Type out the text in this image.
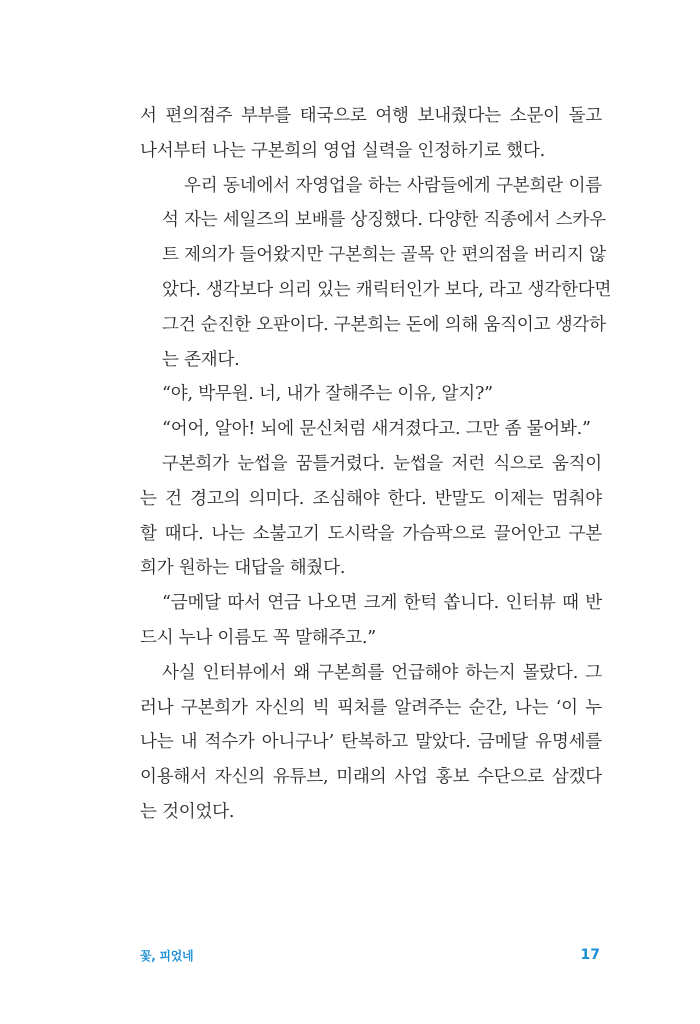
서 편의점주 부부를 태국으로 여행 보내줬다는 소문이 돌고
나서부터 나는 구본희의 영업 실력을 인정하기로 했다.

우리 동네에서 자영업을 하는 사람들에게 구본희란 이름
석 자는 세일즈의 보배를 상징했다. 다양한 직종에서 스카우
트 제의가 들어왔지만 구본희는 골목 안 편의점을 버리지 않
았다. 생각보다 의리 있는 캐릭터인가 보다, 라고 생각한다면
그건 순진한 오판이다. 구본희는 돈에 의해 움직이고 생각하
는 존재다.

“야, 박무원. 너, 내가 잘해주는 이유, 알지?”

“어어, 알아! 뇌에 문신처럼 새겨졌다고. 그만 좀 물어봐.”

구본희가 눈썹을 꿈틀거렸다. 눈썹을 저런 식으로 움직이
는 건 경고의 의미다. 조심해야 한다. 반말도 이제는 멈춰야
할 때다. 나는 소불고기 도시락을 가슴팍으로 끌어안고 구본
희가 원하는 대답을 해줬다.

“금메달 따서 연금 나오면 크게 한턱 쏩니다. 인터뷰 때 반
드시 누나 이름도 꼭 말해주고.”

사실 인터뷰에서 왜 구본희를 언급해야 하는지 몰랐다. 그
러나 구본희가 자신의 빅 픽처를 알려주는 순간, 나는 ‘이 누
나는 내 적수가 아니구나’ 탄복하고 말았다. 금메달 유명세를
이용해서 자신의 유튜브, 미래의 사업 홍보 수단으로 삼겠다
는 것이었다.

꽃, 피었네	17
